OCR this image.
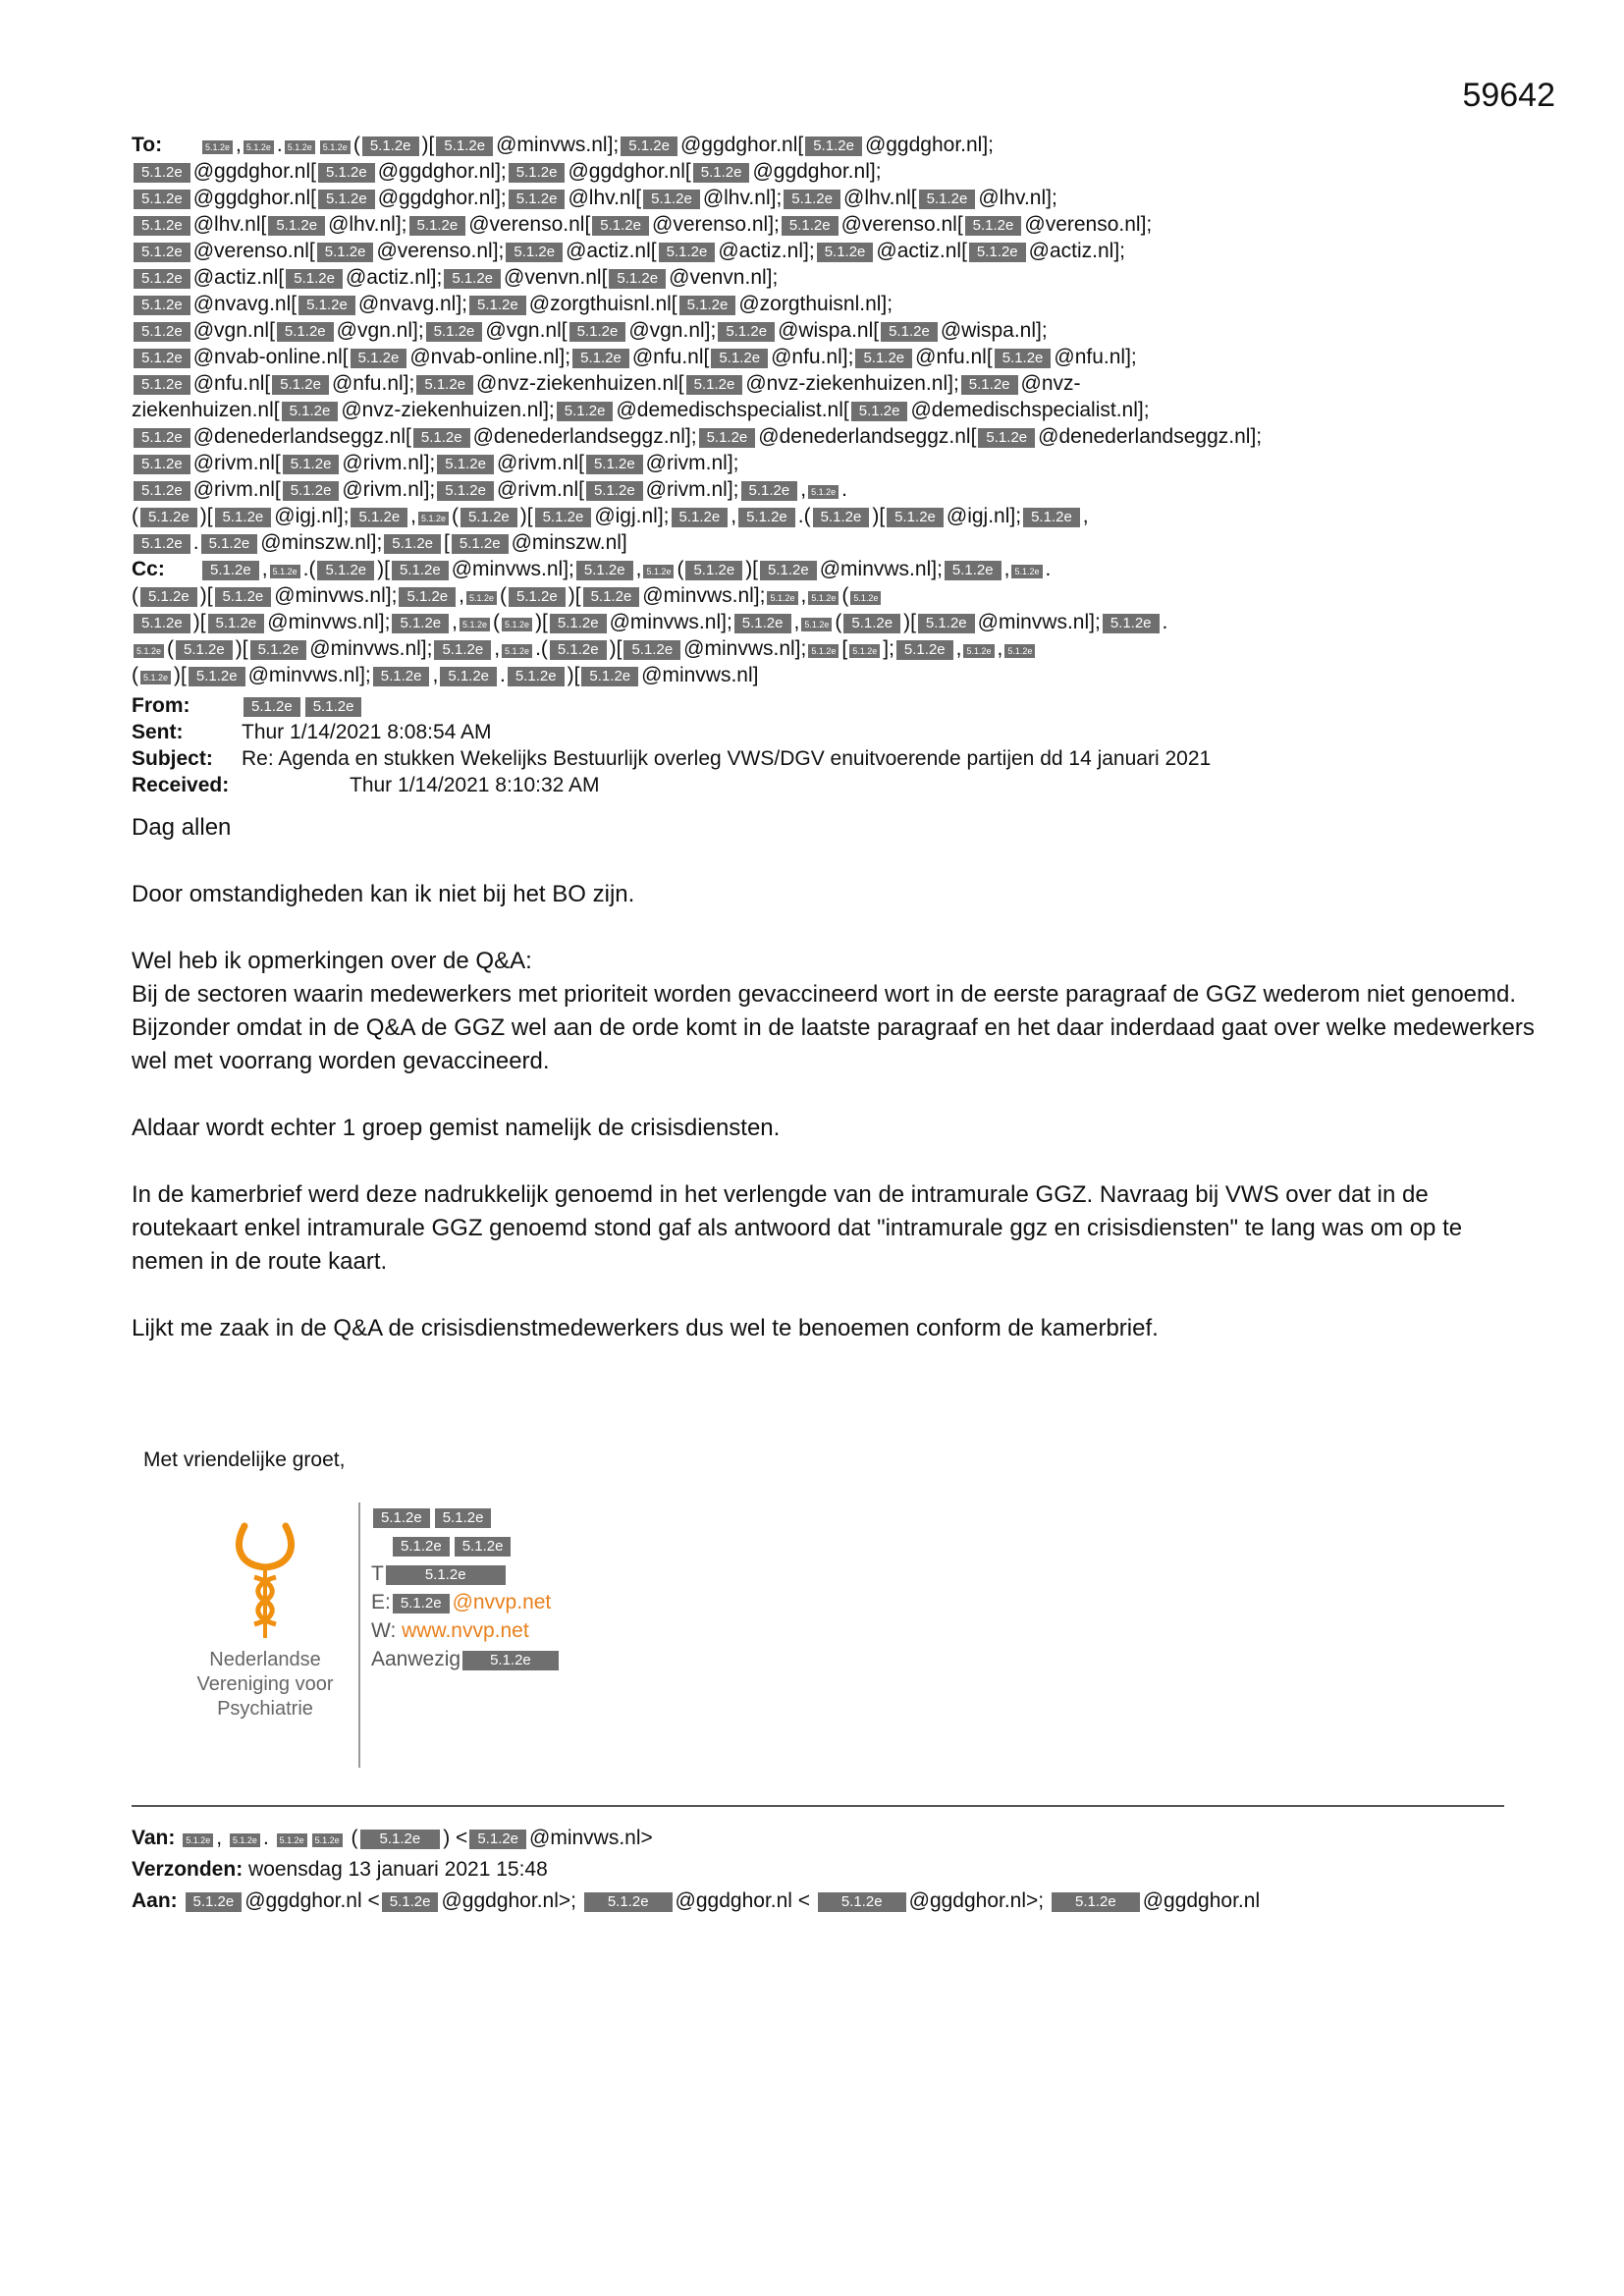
59642
To:	5.1.2e , 5.1.2e . 5.1.2e 5.1.2e ( 5.1.2e )[ 5.1.2e @minvws.nl]; 5.1.2e @ggdghor.nl[ 5.1.2e @ggdghor.nl];
5.1.2e @ggdghor.nl[ 5.1.2e @ggdghor.nl]; 5.1.2e @ggdghor.nl[ 5.1.2e @ggdghor.nl];
5.1.2e @ggdghor.nl[ 5.1.2e @ggdghor.nl]; 5.1.2e @lhv.nl[ 5.1.2e @lhv.nl]; 5.1.2e @lhv.nl[ 5.1.2e @lhv.nl];
5.1.2e @lhv.nl[ 5.1.2e @lhv.nl]; 5.1.2e @verenso.nl[ 5.1.2e @verenso.nl]; 5.1.2e @verenso.nl[ 5.1.2e @verenso.nl];
5.1.2e @verenso.nl[ 5.1.2e @verenso.nl]; 5.1.2e @actiz.nl[ 5.1.2e @actiz.nl]; 5.1.2e @actiz.nl[ 5.1.2e @actiz.nl];
5.1.2e @actiz.nl[ 5.1.2e @actiz.nl]; 5.1.2e @venvn.nl[ 5.1.2e @venvn.nl];
5.1.2e @nvavg.nl[ 5.1.2e @nvavg.nl]; 5.1.2e @zorgthuisnl.nl[ 5.1.2e @zorgthuisnl.nl];
5.1.2e @vgn.nl[ 5.1.2e @vgn.nl]; 5.1.2e @vgn.nl[ 5.1.2e @vgn.nl]; 5.1.2e @wispa.nl[ 5.1.2e @wispa.nl];
5.1.2e @nvab-online.nl[ 5.1.2e @nvab-online.nl]; 5.1.2e @nfu.nl[ 5.1.2e @nfu.nl]; 5.1.2e @nfu.nl[ 5.1.2e @nfu.nl];
5.1.2e @nfu.nl[ 5.1.2e @nfu.nl]; 5.1.2e @nvz-ziekenhuizen.nl[ 5.1.2e @nvz-ziekenhuizen.nl]; 5.1.2e @nvz-
ziekenhuizen.nl[ 5.1.2e @nvz-ziekenhuizen.nl]; 5.1.2e @demedischspecialist.nl[ 5.1.2e @demedischspecialist.nl];
5.1.2e @denederlandseggz.nl[ 5.1.2e @denederlandseggz.nl]; 5.1.2e @denederlandseggz.nl[ 5.1.2e @denederlandseggz.nl];
5.1.2e @rivm.nl[ 5.1.2e @rivm.nl]; 5.1.2e @rivm.nl[ 5.1.2e @rivm.nl];
5.1.2e @rivm.nl[ 5.1.2e @rivm.nl]; 5.1.2e @rivm.nl[ 5.1.2e @rivm.nl]; 5.1.2e , 5.1.2e .
( 5.1.2e )[ 5.1.2e @igj.nl]; 5.1.2e , 5.1.2e ( 5.1.2e )[ 5.1.2e @igj.nl]; 5.1.2e , 5.1.2e .( 5.1.2e )[ 5.1.2e @igj.nl]; 5.1.2e ,
5.1.2e . 5.1.2e @minszw.nl]; 5.1.2e [ 5.1.2e @minszw.nl]
Cc:	5.1.2e , 5.1.2e .( 5.1.2e )[ 5.1.2e @minvws.nl]; 5.1.2e , 5.1.2e ( 5.1.2e )[ 5.1.2e @minvws.nl]; 5.1.2e , 5.1.2e .
( 5.1.2e )[ 5.1.2e @minvws.nl]; 5.1.2e , 5.1.2e ( 5.1.2e )[ 5.1.2e @minvws.nl]; 5.1.2e , 5.1.2e ( 5.1.2e
5.1.2e )[ 5.1.2e @minvws.nl]; 5.1.2e , 5.1.2e ( 5.1.2e )[ 5.1.2e @minvws.nl]; 5.1.2e , 5.1.2e ( 5.1.2e )[ 5.1.2e @minvws.nl]; 5.1.2e .
5.1.2e ( 5.1.2e )[ 5.1.2e @minvws.nl]; 5.1.2e , 5.1.2e .( 5.1.2e )[ 5.1.2e @minvws.nl]; 5.1.2e [ 5.1.2e ]; 5.1.2e , 5.1.2e , 5.1.2e
( 5.1.2e )[ 5.1.2e @minvws.nl]; 5.1.2e , 5.1.2e . 5.1.2e )[ 5.1.2e @minvws.nl]
From:	5.1.2e 5.1.2e
Sent:	Thur 1/14/2021 8:08:54 AM
Subject: Re: Agenda en stukken Wekelijks Bestuurlijk overleg VWS/DGV enuitvoerende partijen dd 14 januari 2021
Received:	Thur 1/14/2021 8:10:32 AM

Dag allen

Door omstandigheden kan ik niet bij het BO zijn.

Wel heb ik opmerkingen over de Q&A:
Bij de sectoren waarin medewerkers met prioriteit worden gevaccineerd wort in de eerste paragraaf de GGZ wederom niet genoemd.
Bijzonder omdat in de Q&A de GGZ wel aan de orde komt in de laatste paragraaf en het daar inderdaad gaat over welke medewerkers wel met voorrang worden gevaccineerd.

Aldaar wordt echter 1 groep gemist namelijk de crisisdiensten.

In de kamerbrief werd deze nadrukkelijk genoemd in het verlengde van de intramurale GGZ. Navraag bij VWS over dat in de routekaart enkel intramurale GGZ genoemd stond gaf als antwoord dat "intramurale ggz en crisisdiensten" te lang was om op te nemen in de route kaart.

Lijkt me zaak in de Q&A de crisisdienstmedewerkers dus wel te benoemen conform de kamerbrief.

Met vriendelijke groet,
Nederlandse
Vereniging voor
Psychiatrie
5.1.2e 5.1.2e
5.1.2e 5.1.2e
T	5.1.2e
E: 5.1.2e @nvvp.net
W: www.nvvp.net
Aanwezig 5.1.2e
Van: 5.1.2e , 5.1.2e . 5.1.2e 5.1.2e ( 5.1.2e ) < 5.1.2e @minvws.nl>
Verzonden: woensdag 13 januari 2021 15:48
Aan: 5.1.2e @ggdghor.nl < 5.1.2e @ggdghor.nl>; 5.1.2e @ggdghor.nl < 5.1.2e @ggdghor.nl>; 5.1.2e @ggdghor.nl
